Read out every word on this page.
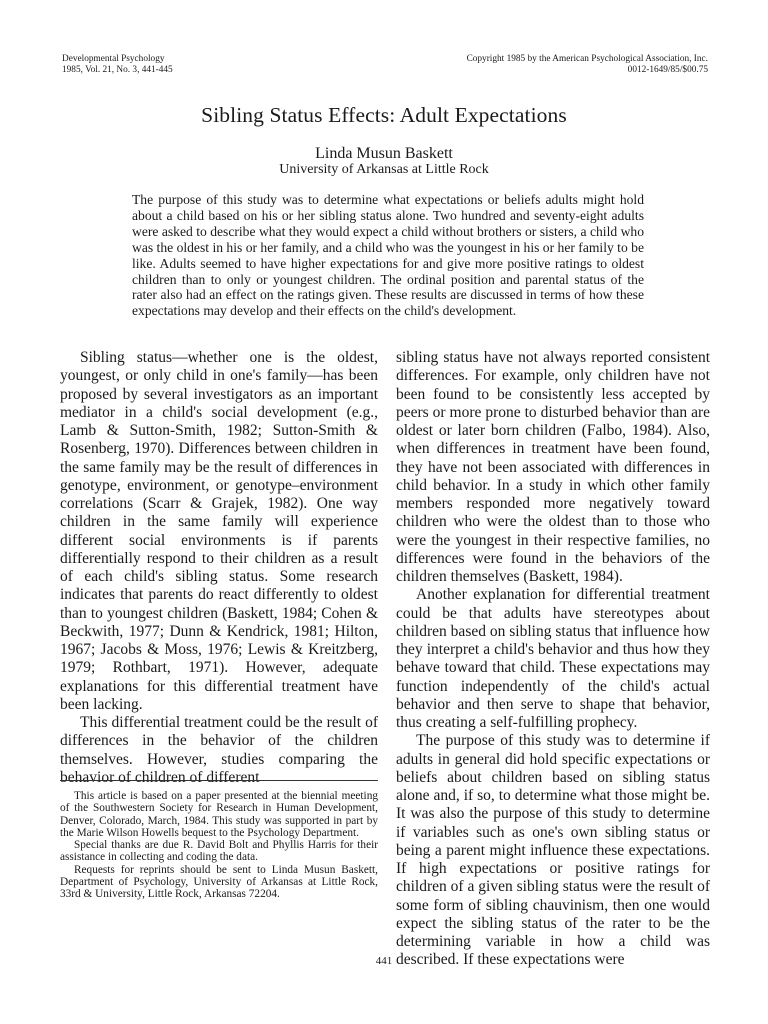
Developmental Psychology
1985, Vol. 21, No. 3, 441-445
Copyright 1985 by the American Psychological Association, Inc.
0012-1649/85/$00.75
Sibling Status Effects: Adult Expectations
Linda Musun Baskett
University of Arkansas at Little Rock

The purpose of this study was to determine what expectations or beliefs adults might hold about a child based on his or her sibling status alone. Two hundred and seventy-eight adults were asked to describe what they would expect a child without brothers or sisters, a child who was the oldest in his or her family, and a child who was the youngest in his or her family to be like. Adults seemed to have higher expectations for and give more positive ratings to oldest children than to only or youngest children. The ordinal position and parental status of the rater also had an effect on the ratings given. These results are discussed in terms of how these expectations may develop and their effects on the child's development.

Sibling status—whether one is the oldest, youngest, or only child in one's family—has been proposed by several investigators as an important mediator in a child's social development (e.g., Lamb & Sutton-Smith, 1982; Sutton-Smith & Rosenberg, 1970). Differences between children in the same family may be the result of differences in genotype, environment, or genotype–environment correlations (Scarr & Grajek, 1982). One way children in the same family will experience different social environments is if parents differentially respond to their children as a result of each child's sibling status. Some research indicates that parents do react differently to oldest than to youngest children (Baskett, 1984; Cohen & Beckwith, 1977; Dunn & Kendrick, 1981; Hilton, 1967; Jacobs & Moss, 1976; Lewis & Kreitzberg, 1979; Rothbart, 1971). However, adequate explanations for this differential treatment have been lacking.

This differential treatment could be the result of differences in the behavior of the children themselves. However, studies comparing the behavior of children of different

This article is based on a paper presented at the biennial meeting of the Southwestern Society for Research in Human Development, Denver, Colorado, March, 1984. This study was supported in part by the Marie Wilson Howells bequest to the Psychology Department.

Special thanks are due R. David Bolt and Phyllis Harris for their assistance in collecting and coding the data.

Requests for reprints should be sent to Linda Musun Baskett, Department of Psychology, University of Arkansas at Little Rock, 33rd & University, Little Rock, Arkansas 72204.

sibling status have not always reported consistent differences. For example, only children have not been found to be consistently less accepted by peers or more prone to disturbed behavior than are oldest or later born children (Falbo, 1984). Also, when differences in treatment have been found, they have not been associated with differences in child behavior. In a study in which other family members responded more negatively toward children who were the oldest than to those who were the youngest in their respective families, no differences were found in the behaviors of the children themselves (Baskett, 1984).

Another explanation for differential treatment could be that adults have stereotypes about children based on sibling status that influence how they interpret a child's behavior and thus how they behave toward that child. These expectations may function independently of the child's actual behavior and then serve to shape that behavior, thus creating a self-fulfilling prophecy.

The purpose of this study was to determine if adults in general did hold specific expectations or beliefs about children based on sibling status alone and, if so, to determine what those might be. It was also the purpose of this study to determine if variables such as one's own sibling status or being a parent might influence these expectations. If high expectations or positive ratings for children of a given sibling status were the result of some form of sibling chauvinism, then one would expect the sibling status of the rater to be the determining variable in how a child was described. If these expectations were

441
